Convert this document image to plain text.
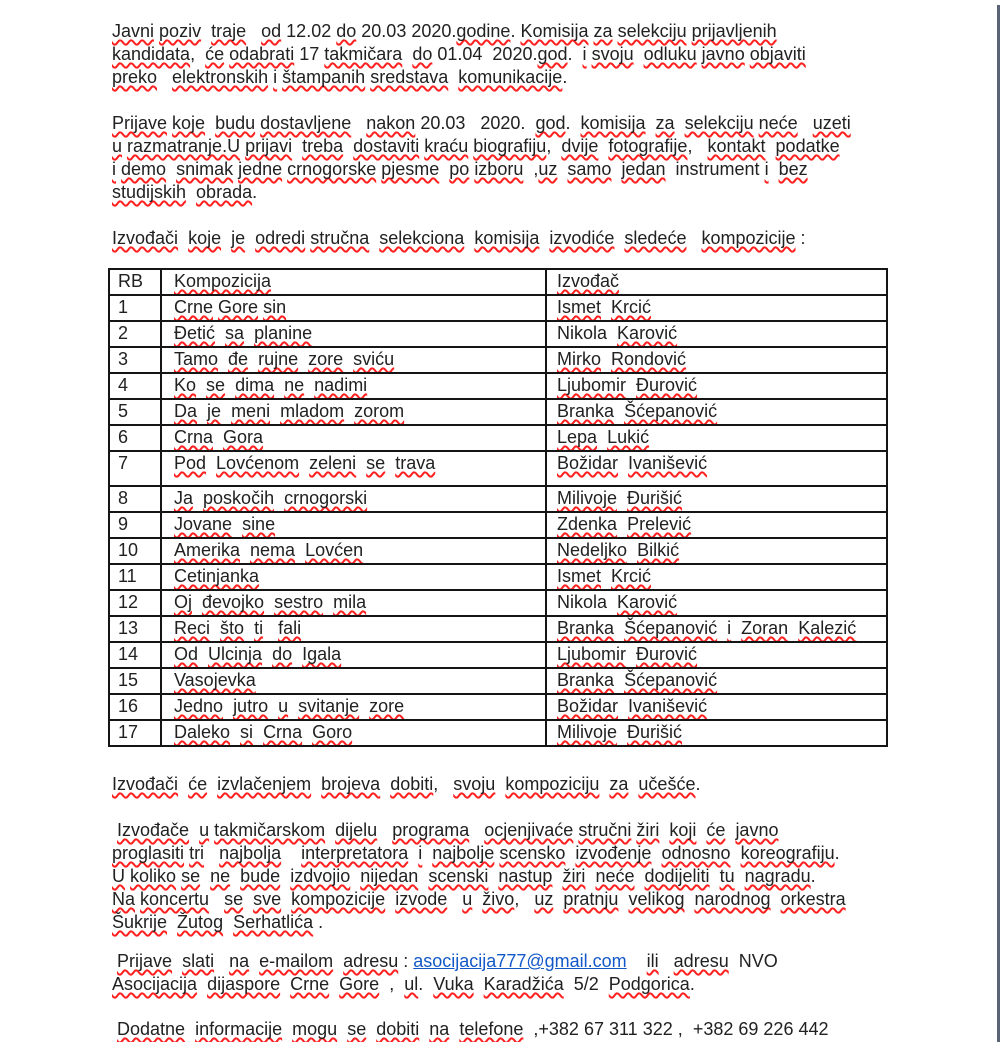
Javni poziv traje od 12.02 do 20.03 2020.godine. Komisija za selekciju prijavljenih
kandidata, će odabrati 17 takmičara do 01.04 2020.god. i svoju odluku javno objaviti
preko elektronskih i štampanih sredstava komunikacije.

Prijave koje budu dostavljene nakon 20.03 2020. god. komisija za selekciju neće uzeti
u razmatranje.U prijavi treba dostaviti kraću biografiju, dvije fotografije, kontakt podatke
i demo snimak jedne crnogorske pjesme po izboru ,uz samo jedan instrument i bez
studijskih obrada.

Izvođači koje je odredi stručna selekciona komisija izvodiće sledeće kompozicije :

RB	Kompozicija	Izvođač
1	Crne Gore sin	Ismet Krcić
2	Đetić sa planine	Nikola Karović
3	Tamo đe rujne zore sviću	Mirko Rondović
4	Ko se dima ne nadimi	Ljubomir Đurović
5	Da je meni mladom zorom	Branka Šćepanović
6	Crna Gora	Lepa Lukić
7	Pod Lovćenom zeleni se trava	Božidar Ivanišević
8	Ja poskočih crnogorski	Milivoje Đurišić
9	Jovane sine	Zdenka Prelević
10	Amerika nema Lovćen	Nedeljko Bilkić
11	Cetinjanka	Ismet Krcić
12	Oj đevojko sestro mila	Nikola Karović
13	Reci što ti fali	Branka Šćepanović i Zoran Kalezić
14	Od Ulcinja do Igala	Ljubomir Đurović
15	Vasojevka	Branka Šćepanović
16	Jedno jutro u svitanje zore	Božidar Ivanišević
17	Daleko si Crna Goro	Milivoje Đurišić

Izvođači će izvlačenjem brojeva dobiti, svoju kompoziciju za učešće.

Izvođače u takmičarskom dijelu programa ocjenjivaće stručni žiri koji će javno
proglasiti tri najbolja interpretatora i najbolje scensko izvođenje odnosno koreografiju.
U koliko se ne bude izdvojio nijedan scenski nastup žiri neće dodijeliti tu nagradu.
Na koncertu se sve kompozicije izvode u živo, uz pratnju velikog narodnog orkestra
Šukrije Žutog Serhatlića .

Prijave slati na e-mailom adresu : asocijacija777@gmail.com ili adresu NVO
Asocijacija dijaspore Crne Gore , ul. Vuka Karadžića 5/2 Podgorica.

Dodatne informacije mogu se dobiti na telefone ,+382 67 311 322 , +382 69 226 442
